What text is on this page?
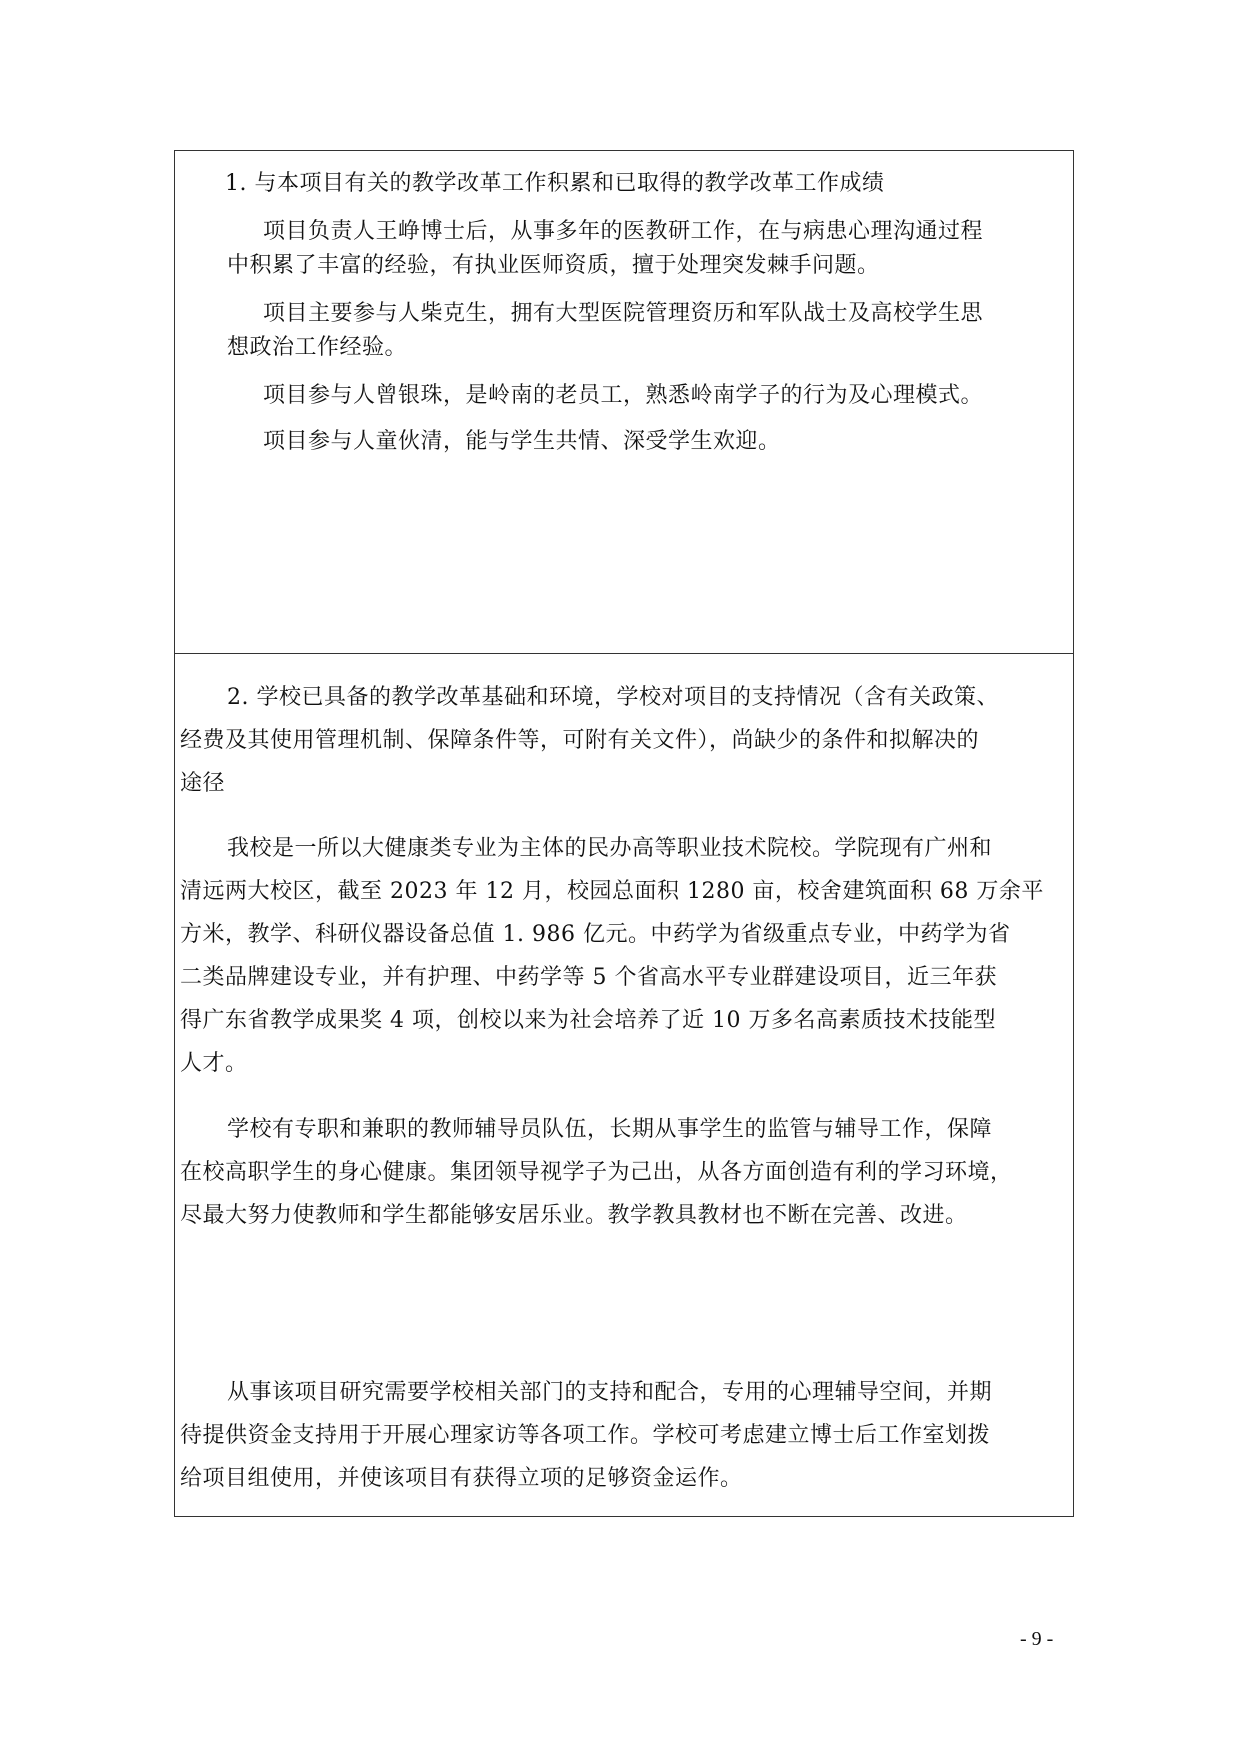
1. 与本项目有关的教学改革工作积累和已取得的教学改革工作成绩
项目负责人王峥博士后，从事多年的医教研工作，在与病患心理沟通过程
中积累了丰富的经验，有执业医师资质，擅于处理突发棘手问题。
项目主要参与人柴克生，拥有大型医院管理资历和军队战士及高校学生思
想政治工作经验。
项目参与人曾银珠，是岭南的老员工，熟悉岭南学子的行为及心理模式。
项目参与人童伙清，能与学生共情、深受学生欢迎。
2. 学校已具备的教学改革基础和环境，学校对项目的支持情况（含有关政策、
经费及其使用管理机制、保障条件等，可附有关文件），尚缺少的条件和拟解决的
途径
我校是一所以大健康类专业为主体的民办高等职业技术院校。学院现有广州和
清远两大校区，截至 2023 年 12 月，校园总面积 1280 亩，校舍建筑面积 68 万余平
方米，教学、科研仪器设备总值 1. 986 亿元。中药学为省级重点专业，中药学为省
二类品牌建设专业，并有护理、中药学等 5 个省高水平专业群建设项目，近三年获
得广东省教学成果奖 4 项，创校以来为社会培养了近 10 万多名高素质技术技能型
人才。
学校有专职和兼职的教师辅导员队伍，长期从事学生的监管与辅导工作，保障
在校高职学生的身心健康。集团领导视学子为己出，从各方面创造有利的学习环境，
尽最大努力使教师和学生都能够安居乐业。教学教具教材也不断在完善、改进。
从事该项目研究需要学校相关部门的支持和配合，专用的心理辅导空间，并期
待提供资金支持用于开展心理家访等各项工作。学校可考虑建立博士后工作室划拨
给项目组使用，并使该项目有获得立项的足够资金运作。
- 9 -
